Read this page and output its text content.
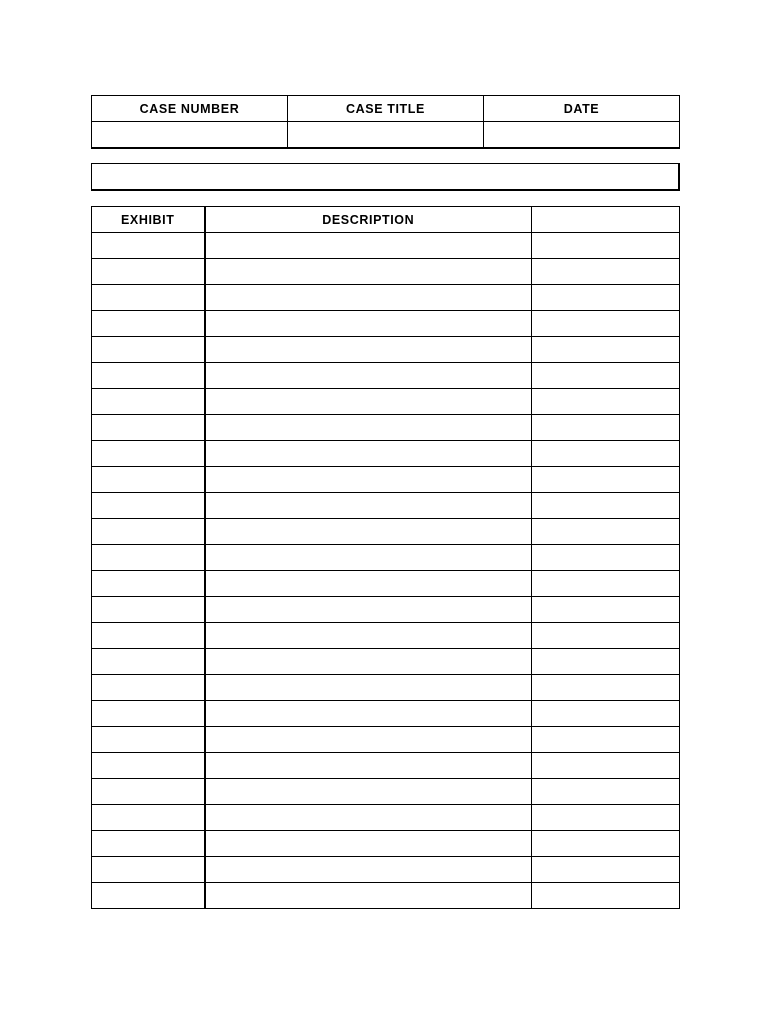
CASE NUMBER	CASE TITLE	DATE

EXHIBIT	DESCRIPTION	
